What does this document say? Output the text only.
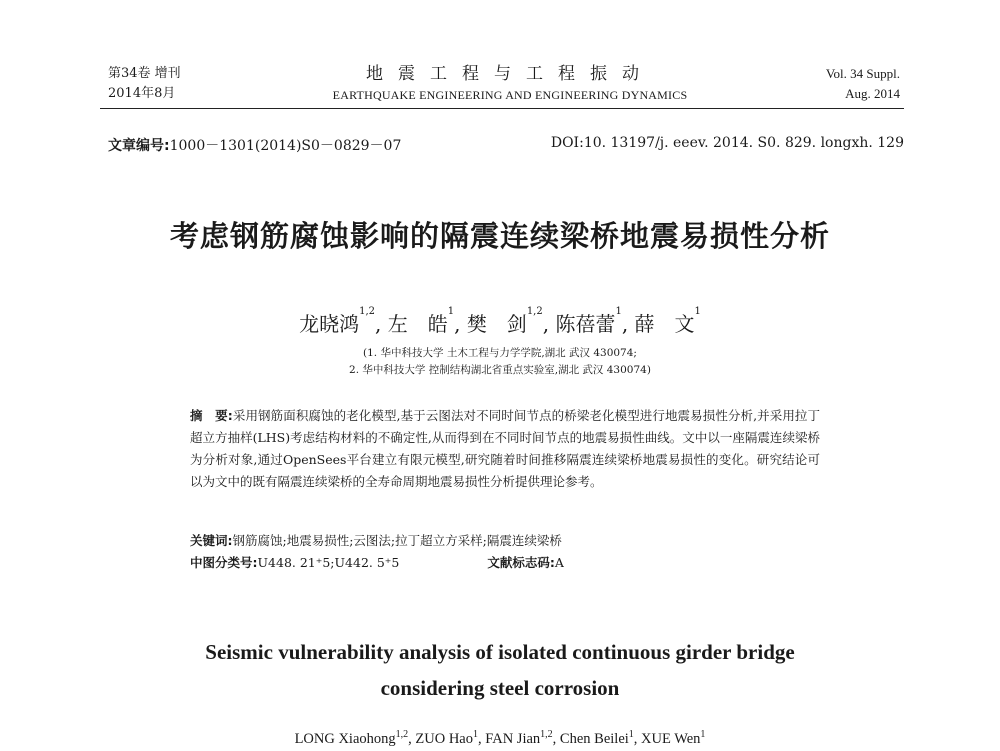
第34卷 增刊
2014年8月
地震工程与工程振动
EARTHQUAKE ENGINEERING AND ENGINEERING DYNAMICS
Vol. 34 Suppl.
Aug. 2014
文章编号:1000－1301(2014)S0－0829－07	DOI:10. 13197/j. eeev. 2014. S0. 829. longxh. 129
考虑钢筋腐蚀影响的隔震连续梁桥地震易损性分析
龙晓鸿$^{1,2}$, 左　皓$^1$, 樊　剑$^{1,2}$, 陈蓓蕾$^1$, 薛　文$^1$
(1. 华中科技大学 土木工程与力学学院,湖北 武汉 430074;
2. 华中科技大学 控制结构湖北省重点实验室,湖北 武汉 430074)
摘　要:采用钢筋面积腐蚀的老化模型,基于云图法对不同时间节点的桥梁老化模型进行地震易损性分析,并采用拉丁超立方抽样(LHS)考虑结构材料的不确定性,从而得到在不同时间节点的地震易损性曲线。文中以一座隔震连续梁桥为分析对象,通过OpenSees平台建立有限元模型,研究随着时间推移隔震连续梁桥地震易损性的变化。研究结论可以为文中的既有隔震连续梁桥的全寿命周期地震易损性分析提供理论参考。
关键词:钢筋腐蚀;地震易损性;云图法;拉丁超立方采样;隔震连续梁桥
中图分类号:U448. 21⁺5;U442. 5⁺5	文献标志码:A
Seismic vulnerability analysis of isolated continuous girder bridge
considering steel corrosion
LONG Xiaohong$^{1,2}$, ZUO Hao$^1$, FAN Jian$^{1,2}$, Chen Beilei$^1$, XUE Wen$^1$
